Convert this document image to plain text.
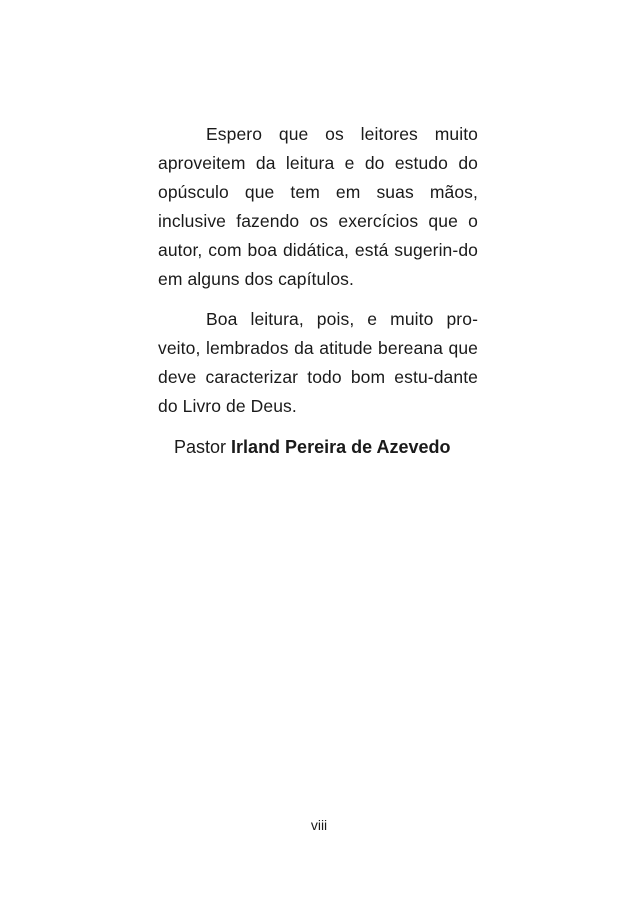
Espero que os leitores muito aproveitem da leitura e do estudo do opúsculo que tem em suas mãos, inclusive fazendo os exercícios que o autor, com boa didática, está sugerin-do em alguns dos capítulos.

Boa leitura, pois, e muito pro-veito, lembrados da atitude bereana que deve caracterizar todo bom estu-dante do Livro de Deus.

Pastor Irland Pereira de Azevedo

viii
